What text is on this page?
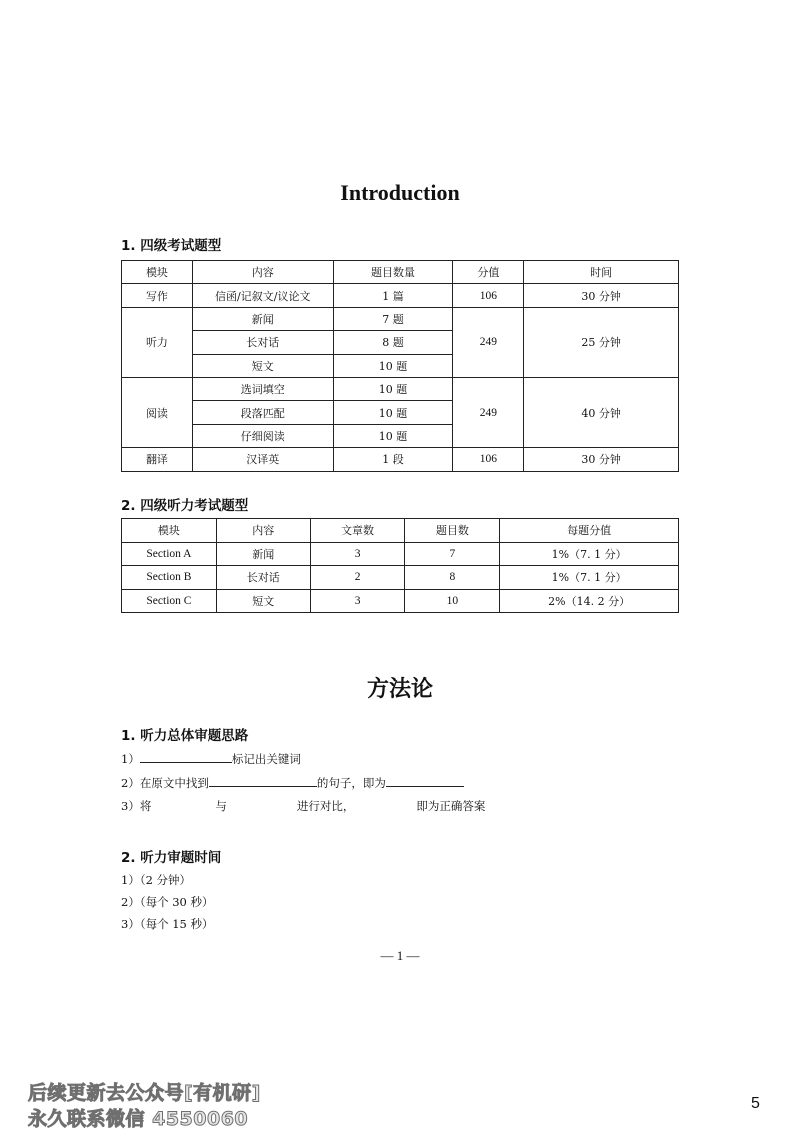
Introduction
1. 四级考试题型
模块	内容	题目数量	分值	时间
写作	信函/记叙文/议论文	1 篇	106	30 分钟
听力	新闻	7 题	249	25 分钟
	长对话	8 题		
	短文	10 题		
阅读	选词填空	10 题	249	40 分钟
	段落匹配	10 题		
	仔细阅读	10 题		
翻译	汉译英	1 段	106	30 分钟
2. 四级听力考试题型
模块	内容	文章数	题目数	每题分值
Section A	新闻	3	7	1%（7. 1 分）
Section B	长对话	2	8	1%（7. 1 分）
Section C	短文	3	10	2%（14. 2 分）
方法论
1. 听力总体审题思路
1）	标记出关键词
2）在原文中找到	的句子，即为
3）将	与	进行对比，	即为正确答案
2. 听力审题时间
1）（2 分钟）
2）（每个 30 秒）
3）（每个 15 秒）
— 1 —
后续更新去公众号[有机研]
永久联系微信 4550060
5
